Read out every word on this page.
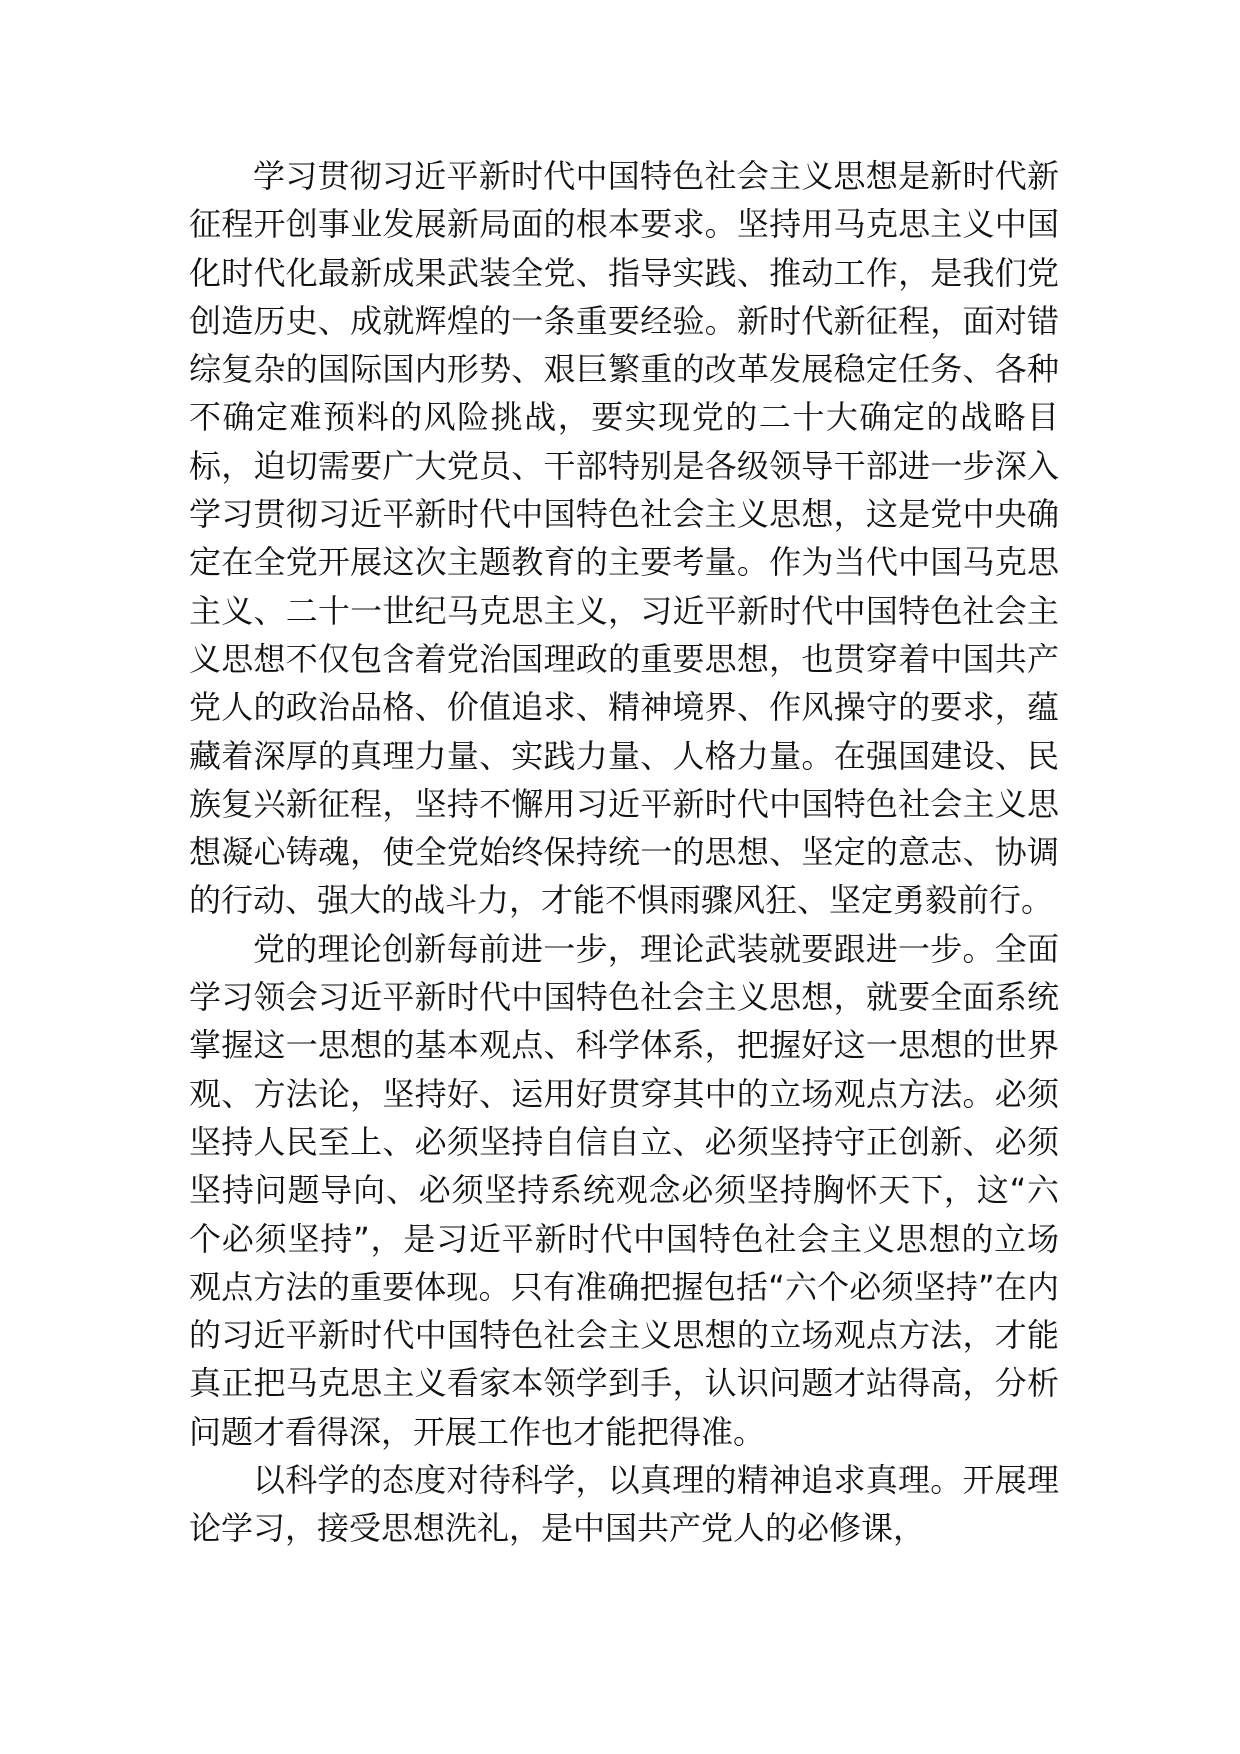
学习贯彻习近平新时代中国特色社会主义思想是新时代新征程开创事业发展新局面的根本要求。坚持用马克思主义中国化时代化最新成果武装全党、指导实践、推动工作，是我们党创造历史、成就辉煌的一条重要经验。新时代新征程，面对错综复杂的国际国内形势、艰巨繁重的改革发展稳定任务、各种不确定难预料的风险挑战，要实现党的二十大确定的战略目标，迫切需要广大党员、干部特别是各级领导干部进一步深入学习贯彻习近平新时代中国特色社会主义思想，这是党中央确定在全党开展这次主题教育的主要考量。作为当代中国马克思主义、二十一世纪马克思主义，习近平新时代中国特色社会主义思想不仅包含着党治国理政的重要思想，也贯穿着中国共产党人的政治品格、价值追求、精神境界、作风操守的要求，蕴藏着深厚的真理力量、实践力量、人格力量。在强国建设、民族复兴新征程，坚持不懈用习近平新时代中国特色社会主义思想凝心铸魂，使全党始终保持统一的思想、坚定的意志、协调的行动、强大的战斗力，才能不惧雨骤风狂、坚定勇毅前行。

党的理论创新每前进一步，理论武装就要跟进一步。全面学习领会习近平新时代中国特色社会主义思想，就要全面系统掌握这一思想的基本观点、科学体系，把握好这一思想的世界观、方法论，坚持好、运用好贯穿其中的立场观点方法。必须坚持人民至上、必须坚持自信自立、必须坚持守正创新、必须坚持问题导向、必须坚持系统观念必须坚持胸怀天下，这“六个必须坚持”，是习近平新时代中国特色社会主义思想的立场观点方法的重要体现。只有准确把握包括“六个必须坚持”在内的习近平新时代中国特色社会主义思想的立场观点方法，才能真正把马克思主义看家本领学到手，认识问题才站得高，分析问题才看得深，开展工作也才能把得准。

以科学的态度对待科学，以真理的精神追求真理。开展理论学习，接受思想洗礼，是中国共产党人的必修课，
